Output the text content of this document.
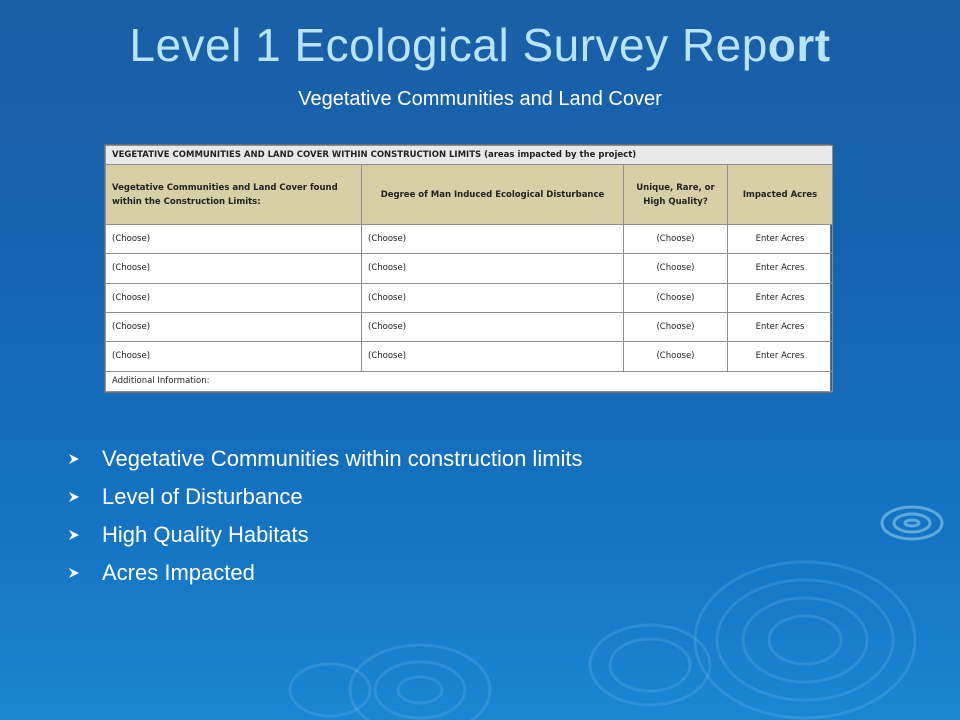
Level 1 Ecological Survey Report
Vegetative Communities and Land Cover
VEGETATIVE COMMUNITIES AND LAND COVER WITHIN CONSTRUCTION LIMITS (areas impacted by the project)			
Vegetative Communities and Land Cover found within the Construction Limits:	Degree of Man Induced Ecological Disturbance	Unique, Rare, or High Quality?	Impacted Acres
(Choose)	(Choose)	(Choose)	Enter Acres
(Choose)	(Choose)	(Choose)	Enter Acres
(Choose)	(Choose)	(Choose)	Enter Acres
(Choose)	(Choose)	(Choose)	Enter Acres
(Choose)	(Choose)	(Choose)	Enter Acres
Additional Information:			
Vegetative Communities within construction limits
Level of Disturbance
High Quality Habitats
Acres Impacted
